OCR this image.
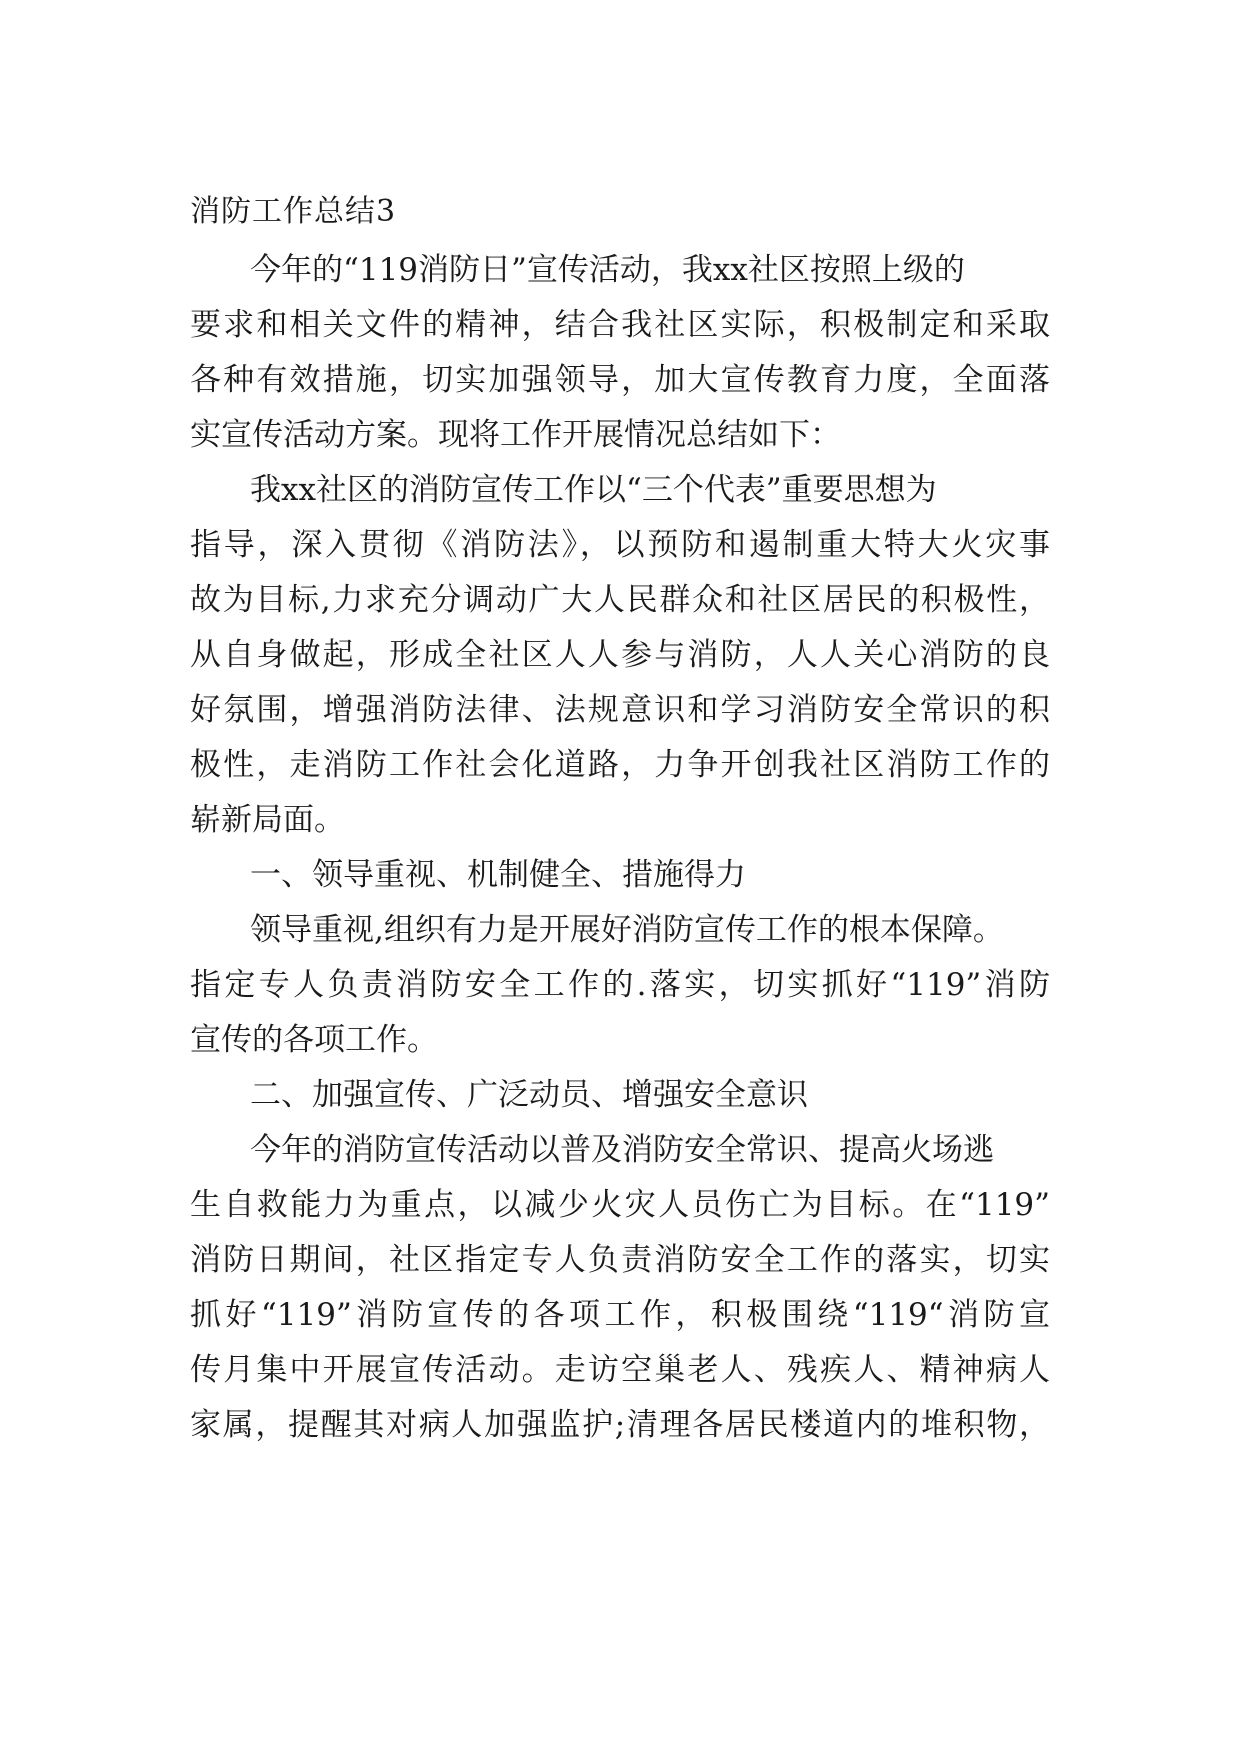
消防工作总结3

今年的“119消防日”宣传活动，我xx社区按照上级的

要求和相关文件的精神，结合我社区实际，积极制定和采取

各种有效措施，切实加强领导，加大宣传教育力度，全面落

实宣传活动方案。现将工作开展情况总结如下：

我xx社区的消防宣传工作以“三个代表”重要思想为

指导，深入贯彻《消防法》，以预防和遏制重大特大火灾事

故为目标,力求充分调动广大人民群众和社区居民的积极性，

从自身做起，形成全社区人人参与消防，人人关心消防的良

好氛围，增强消防法律、法规意识和学习消防安全常识的积

极性，走消防工作社会化道路，力争开创我社区消防工作的

崭新局面。

一、领导重视、机制健全、措施得力

领导重视,组织有力是开展好消防宣传工作的根本保障。

指定专人负责消防安全工作的.落实，切实抓好“119”消防

宣传的各项工作。

二、加强宣传、广泛动员、增强安全意识

今年的消防宣传活动以普及消防安全常识、提高火场逃

生自救能力为重点，以减少火灾人员伤亡为目标。在“119”

消防日期间，社区指定专人负责消防安全工作的落实，切实

抓好“119”消防宣传的各项工作，积极围绕“119“消防宣

传月集中开展宣传活动。走访空巢老人、残疾人、精神病人

家属，提醒其对病人加强监护;清理各居民楼道内的堆积物，
